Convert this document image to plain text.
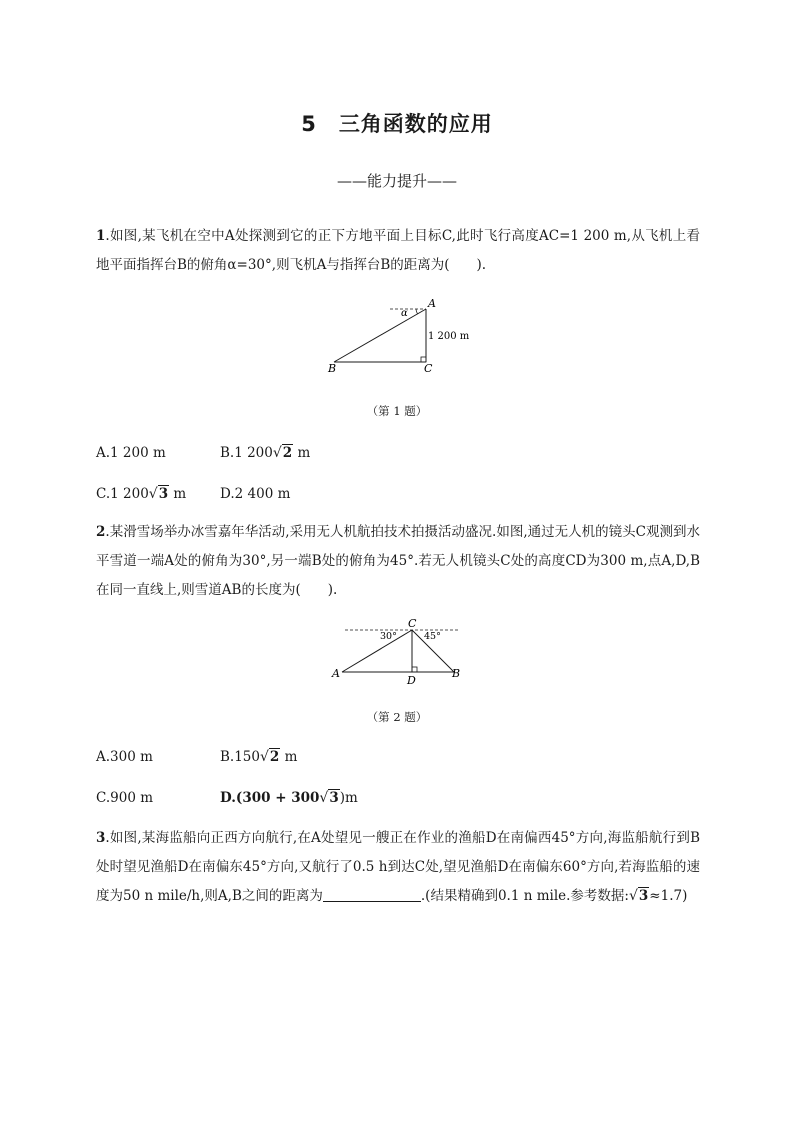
5 三角函数的应用
——能力提升——
1.如图,某飞机在空中A处探测到它的正下方地平面上目标C,此时飞行高度AC=1 200 m,从飞机上看地平面指挥台B的俯角α=30°,则飞机A与指挥台B的距离为(　　).
A
B	C
α
1 200 m
（第 1 题）
A.1 200 m	B.1 200√2 m
C.1 200√3 m	D.2 400 m
2.某滑雪场举办冰雪嘉年华活动,采用无人机航拍技术拍摄活动盛况.如图,通过无人机的镜头C观测到水平雪道一端A处的俯角为30°,另一端B处的俯角为45°.若无人机镜头C处的高度CD为300 m,点A,D,B在同一直线上,则雪道AB的长度为(　　).
C
30°	45°
A
D
B
（第 2 题）
A.300 m	B.150√2 m
C.900 m	D.(300 + 300√3)m
3.如图,某海监船向正西方向航行,在A处望见一艘正在作业的渔船D在南偏西45°方向,海监船航行到B处时望见渔船D在南偏东45°方向,又航行了0.5 h到达C处,望见渔船D在南偏东60°方向,若海监船的速度为50 n mile/h,则A,B之间的距离为	.(结果精确到0.1 n mile.参考数据:√3≈1.7)
